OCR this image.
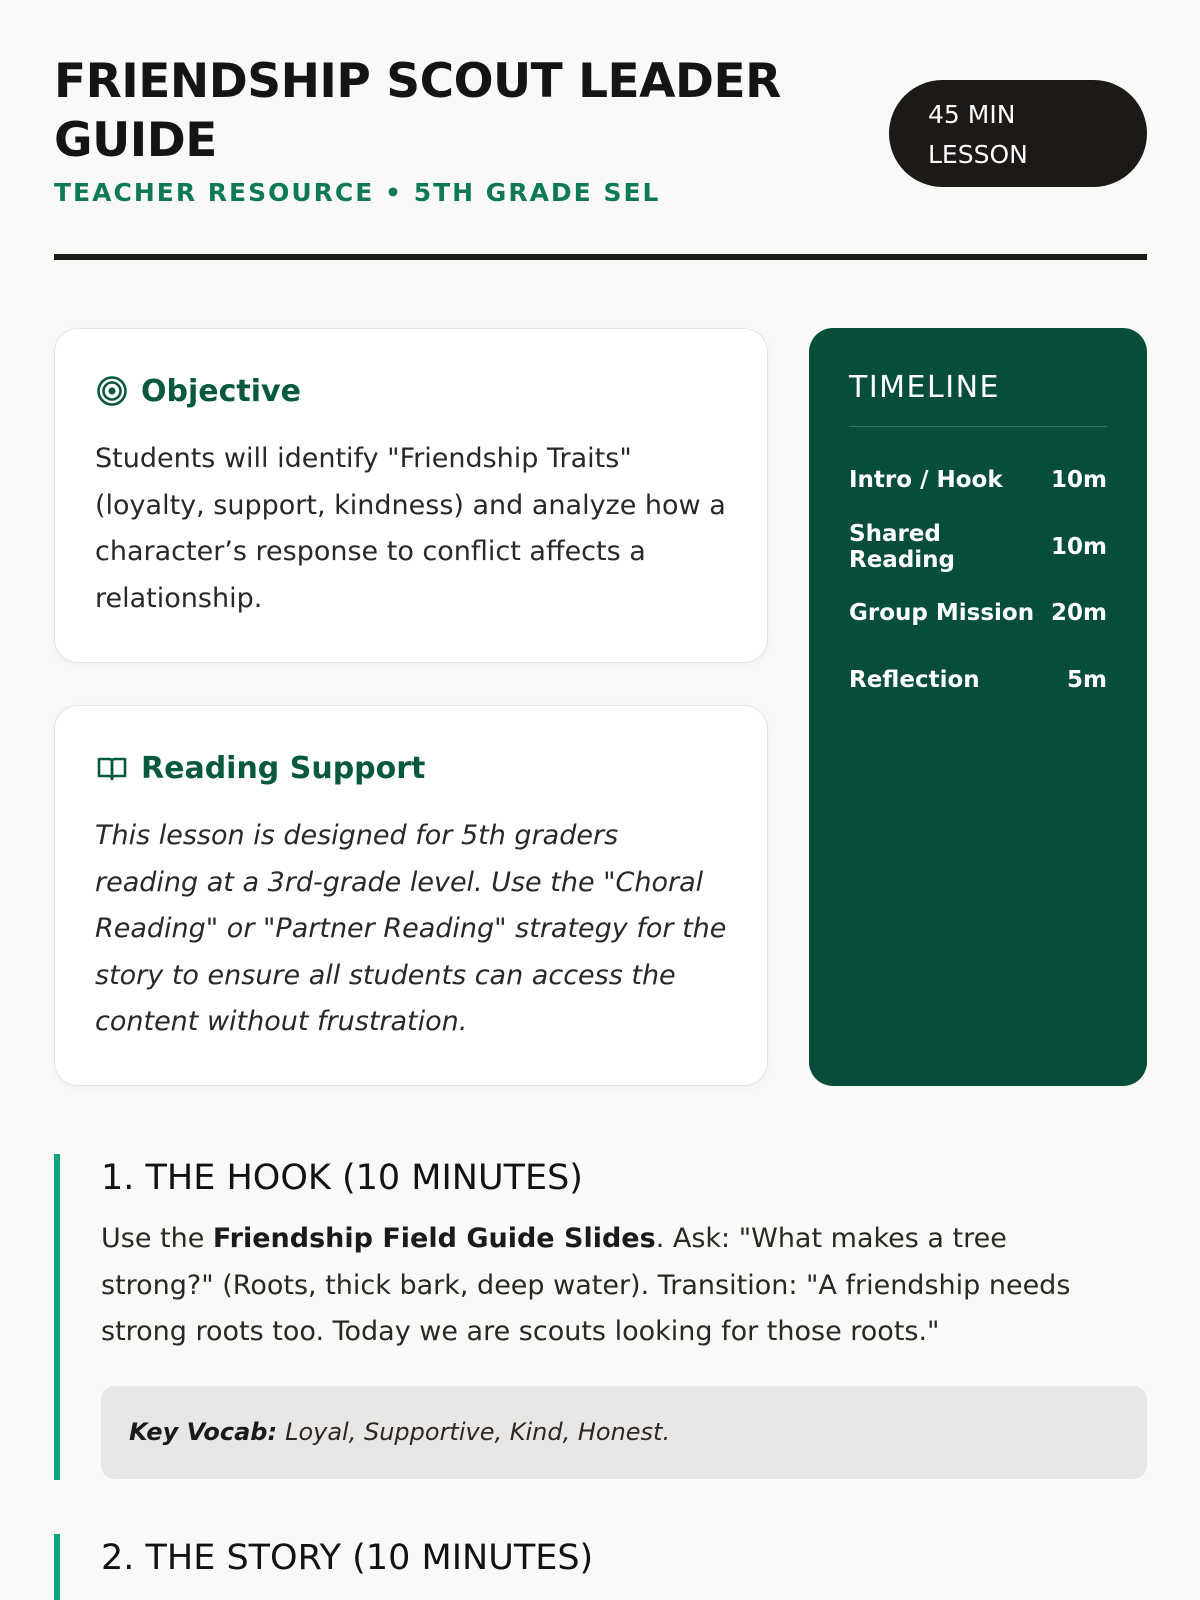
FRIENDSHIP SCOUT LEADER GUIDE
TEACHER RESOURCE • 5TH GRADE SEL
45 MIN
LESSON
Objective

Students will identify "Friendship Traits" (loyalty, support, kindness) and analyze how a character’s response to conflict affects a relationship.

Reading Support

This lesson is designed for 5th graders reading at a 3rd-grade level. Use the "Choral Reading" or "Partner Reading" strategy for the story to ensure all students can access the content without frustration.

TIMELINE
Intro / Hook 10m
Shared Reading	10m
Group Mission 20m
Reflection	5m
1. THE HOOK (10 MINUTES)

Use the Friendship Field Guide Slides. Ask: "What makes a tree strong?" (Roots, thick bark, deep water). Transition: "A friendship needs strong roots too. Today we are scouts looking for those roots."

Key Vocab: Loyal, Supportive, Kind, Honest.
2. THE STORY (10 MINUTES)
